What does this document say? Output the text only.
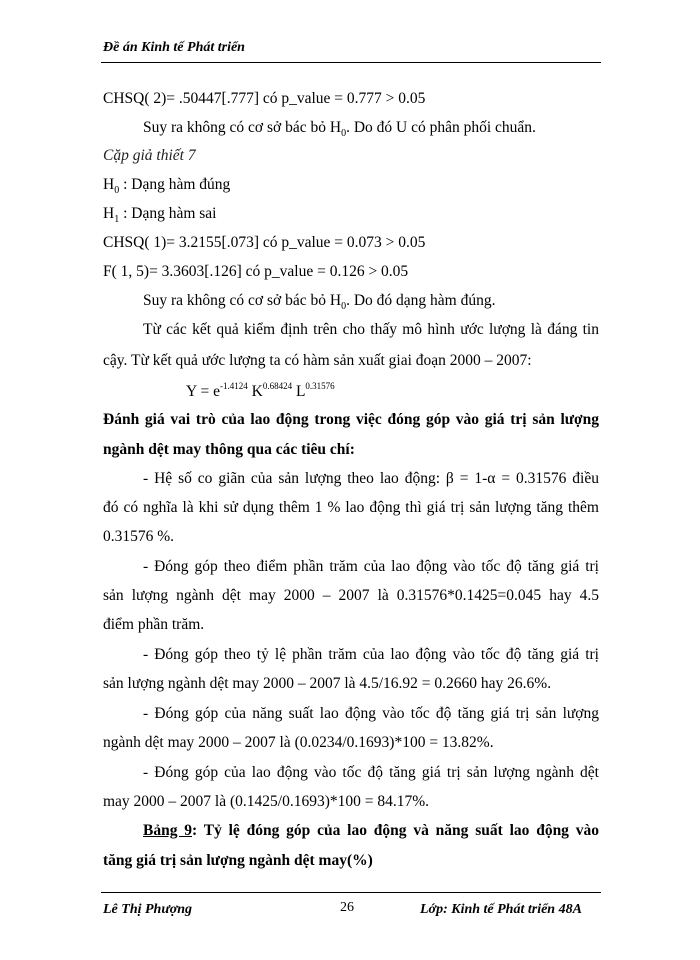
Đề án Kinh tế Phát triển
CHSQ( 2)= .50447[.777] có p_value = 0.777 > 0.05
Suy ra không có cơ sở bác bỏ $H_0$. Do đó U có phân phối chuẩn.
Cặp giả thiết 7
$H_0$ : Dạng hàm đúng
$H_1$ : Dạng hàm sai
CHSQ( 1)= 3.2155[.073] có p_value = 0.073 > 0.05
F( 1, 5)= 3.3603[.126] có p_value = 0.126 > 0.05
Suy ra không có cơ sở bác bỏ $H_0$. Do đó dạng hàm đúng.
Từ các kết quả kiểm định trên cho thấy mô hình ước lượng là đáng tin
cậy. Từ kết quả ước lượng ta có hàm sản xuất giai đoạn 2000 – 2007:
$Y = e^{-1.4124}$ $K^{0.68424}$ $L^{0.31576}$
Đánh giá vai trò của lao động trong việc đóng góp vào giá trị sản lượng
ngành dệt may thông qua các tiêu chí:
- Hệ số co giãn của sản lượng theo lao động: β = 1-α = 0.31576 điều
đó có nghĩa là khi sử dụng thêm 1 % lao động thì giá trị sản lượng tăng thêm
0.31576 %.
- Đóng góp theo điểm phần trăm của lao động vào tốc độ tăng giá trị
sản lượng ngành dệt may 2000 – 2007 là 0.31576*0.1425=0.045 hay 4.5
điểm phần trăm.
- Đóng góp theo tỷ lệ phần trăm của lao động vào tốc độ tăng giá trị
sản lượng ngành dệt may 2000 – 2007 là 4.5/16.92 = 0.2660 hay 26.6%.
- Đóng góp của năng suất lao động vào tốc độ tăng giá trị sản lượng
ngành dệt may 2000 – 2007 là (0.0234/0.1693)*100 = 13.82%.
- Đóng góp của lao động vào tốc độ tăng giá trị sản lượng ngành dệt
may 2000 – 2007 là (0.1425/0.1693)*100 = 84.17%.
Bảng 9: Tỷ lệ đóng góp của lao động và năng suất lao động vào
tăng giá trị sản lượng ngành dệt may(%)
Lê Thị Phượng	26	Lớp: Kinh tế Phát triển 48A
